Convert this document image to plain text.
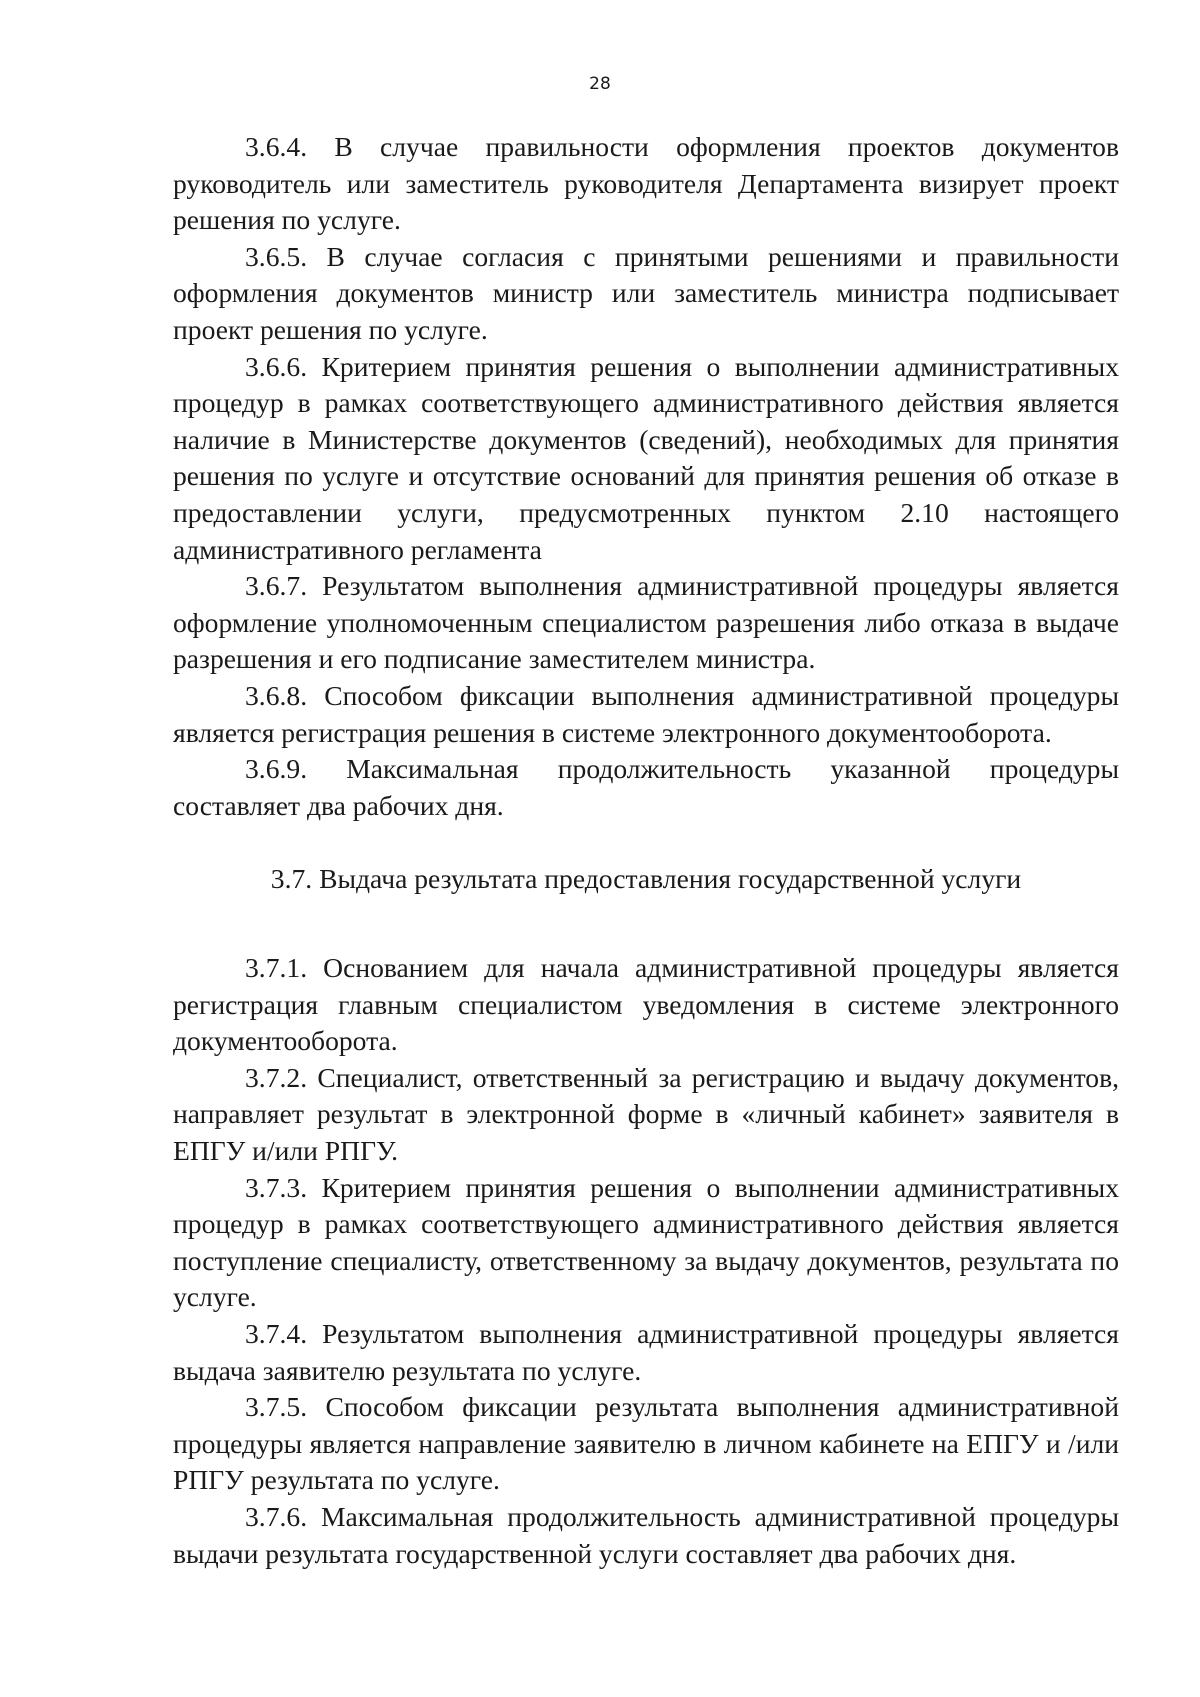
28

3.6.4. В случае правильности оформления проектов документов руководитель или заместитель руководителя Департамента визирует проект решения по услуге.

3.6.5. В случае согласия с принятыми решениями и правильности оформления документов министр или заместитель министра подписывает проект решения по услуге.

3.6.6. Критерием принятия решения о выполнении административных процедур в рамках соответствующего административного действия является наличие в Министерстве документов (сведений), необходимых для принятия решения по услуге и отсутствие оснований для принятия решения об отказе в предоставлении услуги, предусмотренных пунктом 2.10 настоящего административного регламента

3.6.7. Результатом выполнения административной процедуры является оформление уполномоченным специалистом разрешения либо отказа в выдаче разрешения и его подписание заместителем министра.

3.6.8. Способом фиксации выполнения административной процедуры является регистрация решения в системе электронного документооборота.

3.6.9. Максимальная продолжительность указанной процедуры составляет два рабочих дня.

3.7. Выдача результата предоставления государственной услуги

3.7.1. Основанием для начала административной процедуры является регистрация главным специалистом уведомления в системе электронного документооборота.

3.7.2. Специалист, ответственный за регистрацию и выдачу документов, направляет результат в электронной форме в «личный кабинет» заявителя в ЕПГУ и/или РПГУ.

3.7.3. Критерием принятия решения о выполнении административных процедур в рамках соответствующего административного действия является поступление специалисту, ответственному за выдачу документов, результата по услуге.

3.7.4. Результатом выполнения административной процедуры является выдача заявителю результата по услуге.

3.7.5. Способом фиксации результата выполнения административной процедуры является направление заявителю в личном кабинете на ЕПГУ и /или РПГУ результата по услуге.

3.7.6. Максимальная продолжительность административной процедуры выдачи результата государственной услуги составляет два рабочих дня.
